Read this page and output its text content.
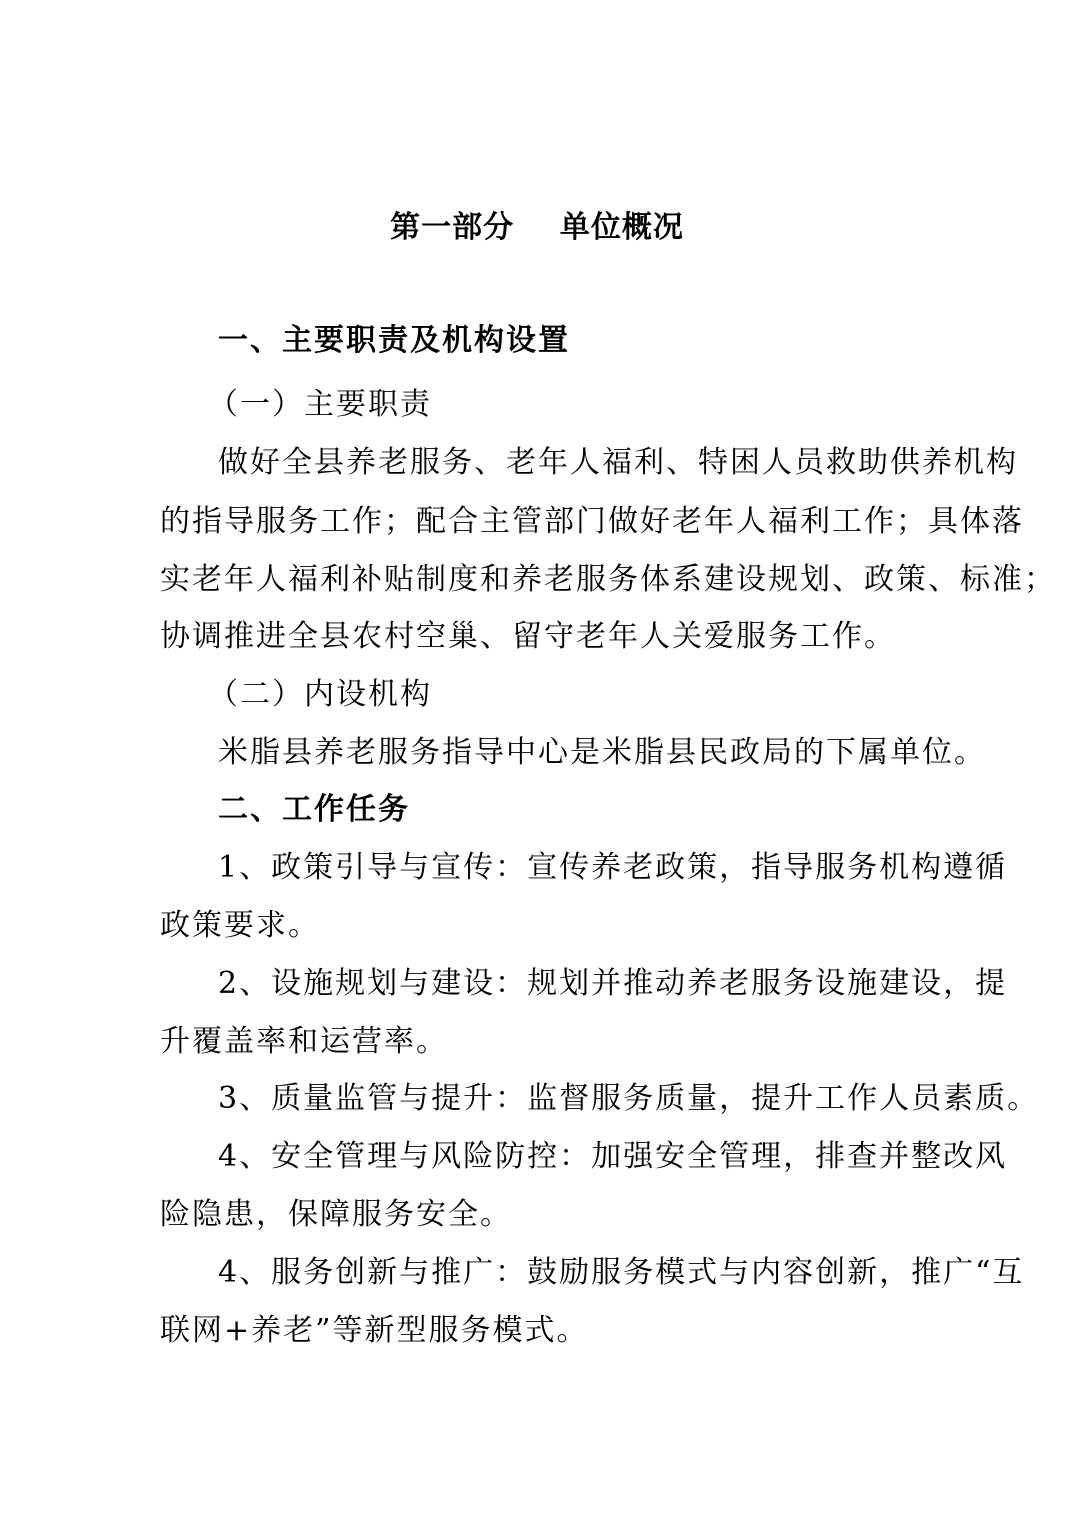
第一部分    单位概况
一、主要职责及机构设置
（一）主要职责
做好全县养老服务、老年人福利、特困人员救助供养机构
的指导服务工作；配合主管部门做好老年人福利工作；具体落
实老年人福利补贴制度和养老服务体系建设规划、政策、标准；
协调推进全县农村空巢、留守老年人关爱服务工作。
（二）内设机构
米脂县养老服务指导中心是米脂县民政局的下属单位。
二、工作任务
1、政策引导与宣传：宣传养老政策，指导服务机构遵循
政策要求。
2、设施规划与建设：规划并推动养老服务设施建设，提
升覆盖率和运营率。
3、质量监管与提升：监督服务质量，提升工作人员素质。
4、安全管理与风险防控：加强安全管理，排查并整改风
险隐患，保障服务安全。
4、服务创新与推广：鼓励服务模式与内容创新，推广“互
联网+养老”等新型服务模式。
